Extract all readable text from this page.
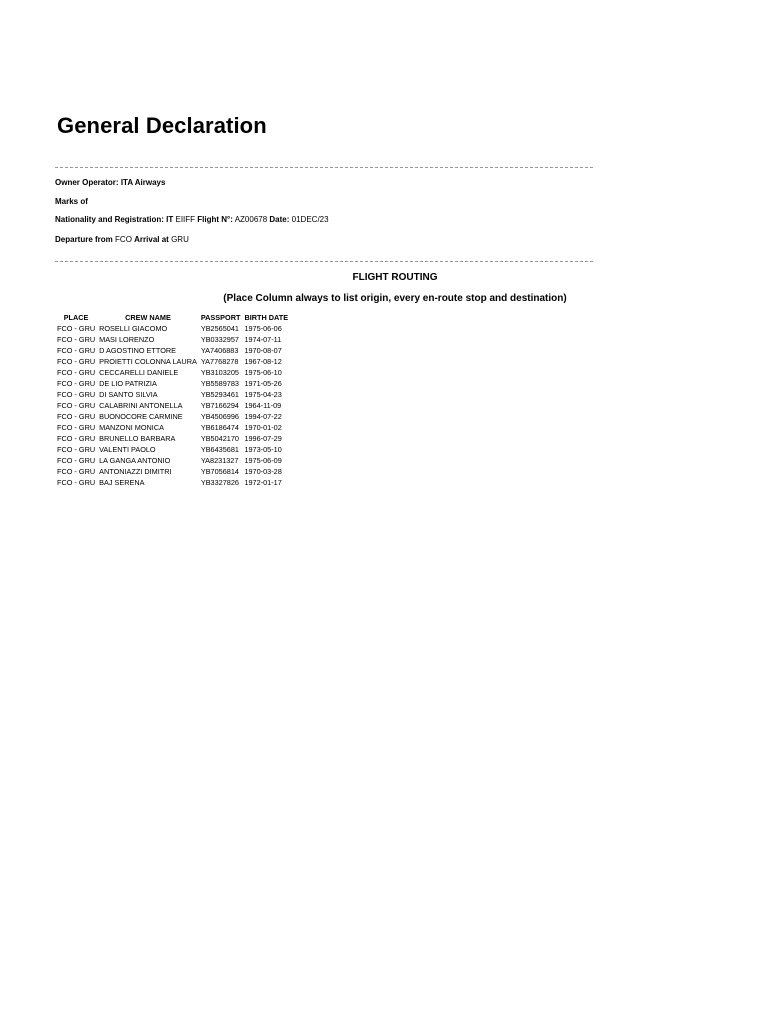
General Declaration
Owner Operator: ITA Airways
Marks of
Nationality and Registration: IT EIIFF Flight N°: AZ00678 Date: 01DEC/23
Departure from FCO Arrival at GRU
FLIGHT ROUTING
(Place Column always to list origin, every en-route stop and destination)
PLACE	CREW NAME	PASSPORT	BIRTH DATE
FCO - GRU	ROSELLI GIACOMO	YB2565041	1975-06-06
FCO - GRU	MASI LORENZO	YB0332957	1974-07-11
FCO - GRU	D AGOSTINO ETTORE	YA7406883	1970-08-07
FCO - GRU	PROIETTI COLONNA LAURA	YA7768278	1967-08-12
FCO - GRU	CECCARELLI DANIELE	YB3103205	1975-06-10
FCO - GRU	DE LIO PATRIZIA	YB5589783	1971-05-26
FCO - GRU	DI SANTO SILVIA	YB5293461	1975-04-23
FCO - GRU	CALABRINI ANTONELLA	YB7166294	1964-11-09
FCO - GRU	BUONOCORE CARMINE	YB4506996	1994-07-22
FCO - GRU	MANZONI MONICA	YB6186474	1970-01-02
FCO - GRU	BRUNELLO BARBARA	YB5042170	1996-07-29
FCO - GRU	VALENTI PAOLO	YB6435681	1973-05-10
FCO - GRU	LA GANGA ANTONIO	YA8231327	1975-06-09
FCO - GRU	ANTONIAZZI DIMITRI	YB7056814	1970-03-28
FCO - GRU	BAJ SERENA	YB3327826	1972-01-17
